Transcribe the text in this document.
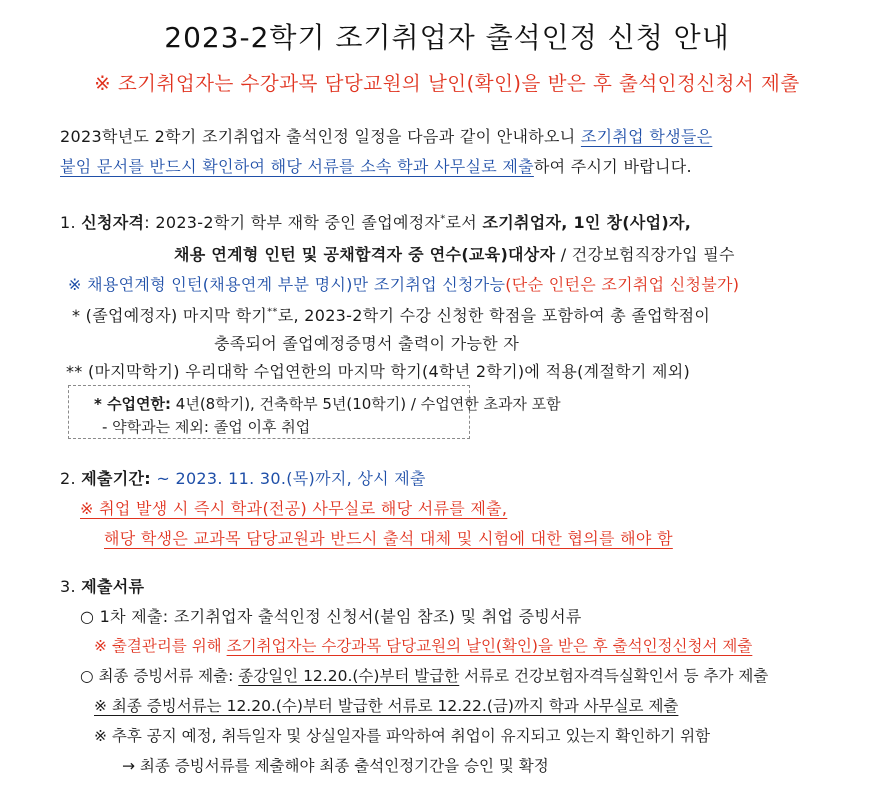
2023-2학기 조기취업자 출석인정 신청 안내
※ 조기취업자는 수강과목 담당교원의 날인(확인)을 받은 후 출석인정신청서 제출
2023학년도 2학기 조기취업자 출석인정 일정을 다음과 같이 안내하오니 조기취업 학생들은
붙임 문서를 반드시 확인하여 해당 서류를 소속 학과 사무실로 제출하여 주시기 바랍니다.
1. 신청자격: 2023-2학기 학부 재학 중인 졸업예정자*로서 조기취업자, 1인 창(사업)자,
채용 연계형 인턴 및 공채합격자 중 연수(교육)대상자 / 건강보험직장가입 필수
※ 채용연계형 인턴(채용연계 부분 명시)만 조기취업 신청가능(단순 인턴은 조기취업 신청불가)
* (졸업예정자) 마지막 학기**로, 2023-2학기 수강 신청한 학점을 포함하여 총 졸업학점이
충족되어 졸업예정증명서 출력이 가능한 자
** (마지막학기) 우리대학 수업연한의 마지막 학기(4학년 2학기)에 적용(계절학기 제외)
* 수업연한: 4년(8학기), 건축학부 5년(10학기) / 수업연한 초과자 포함
- 약학과는 제외: 졸업 이후 취업
2. 제출기간: ~ 2023. 11. 30.(목)까지, 상시 제출
※ 취업 발생 시 즉시 학과(전공) 사무실로 해당 서류를 제출,
해당 학생은 교과목 담당교원과 반드시 출석 대체 및 시험에 대한 협의를 해야 함
3. 제출서류
○ 1차 제출: 조기취업자 출석인정 신청서(붙임 참조) 및 취업 증빙서류
※ 출결관리를 위해 조기취업자는 수강과목 담당교원의 날인(확인)을 받은 후 출석인정신청서 제출
○ 최종 증빙서류 제출: 종강일인 12.20.(수)부터 발급한 서류로 건강보험자격득실확인서 등 추가 제출
※ 최종 증빙서류는 12.20.(수)부터 발급한 서류로 12.22.(금)까지 학과 사무실로 제출
※ 추후 공지 예정, 취득일자 및 상실일자를 파악하여 취업이 유지되고 있는지 확인하기 위함
→ 최종 증빙서류를 제출해야 최종 출석인정기간을 승인 및 확정
